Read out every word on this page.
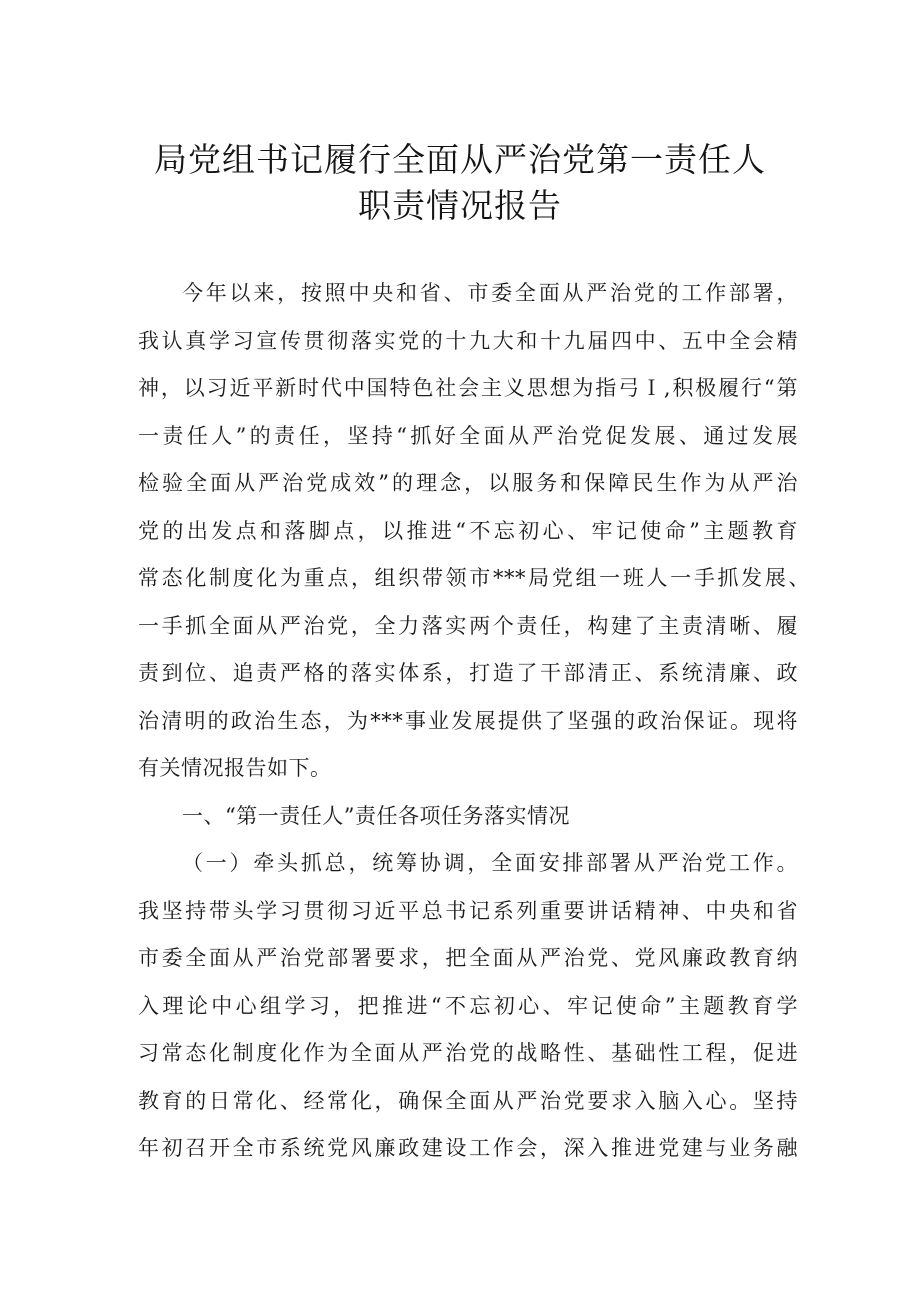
局党组书记履行全面从严治党第一责任人
职责情况报告
今年以来，按照中央和省、市委全面从严治党的工作部署，
我认真学习宣传贯彻落实党的十九大和十九届四中、五中全会精
神，以习近平新时代中国特色社会主义思想为指弓Ｉ,积极履行“第
一责任人”的责任，坚持“抓好全面从严治党促发展、通过发展
检验全面从严治党成效”的理念，以服务和保障民生作为从严治
党的出发点和落脚点，以推进“不忘初心、牢记使命”主题教育
常态化制度化为重点，组织带领市***局党组一班人一手抓发展、
一手抓全面从严治党，全力落实两个责任，构建了主责清晰、履
责到位、追责严格的落实体系，打造了干部清正、系统清廉、政
治清明的政治生态，为***事业发展提供了坚强的政治保证。现将
有关情况报告如下。
一、“第一责任人”责任各项任务落实情况
（一）牵头抓总，统筹协调，全面安排部署从严治党工作。
我坚持带头学习贯彻习近平总书记系列重要讲话精神、中央和省
市委全面从严治党部署要求，把全面从严治党、党风廉政教育纳
入理论中心组学习，把推进“不忘初心、牢记使命”主题教育学
习常态化制度化作为全面从严治党的战略性、基础性工程，促进
教育的日常化、经常化，确保全面从严治党要求入脑入心。坚持
年初召开全市系统党风廉政建设工作会，深入推进党建与业务融
